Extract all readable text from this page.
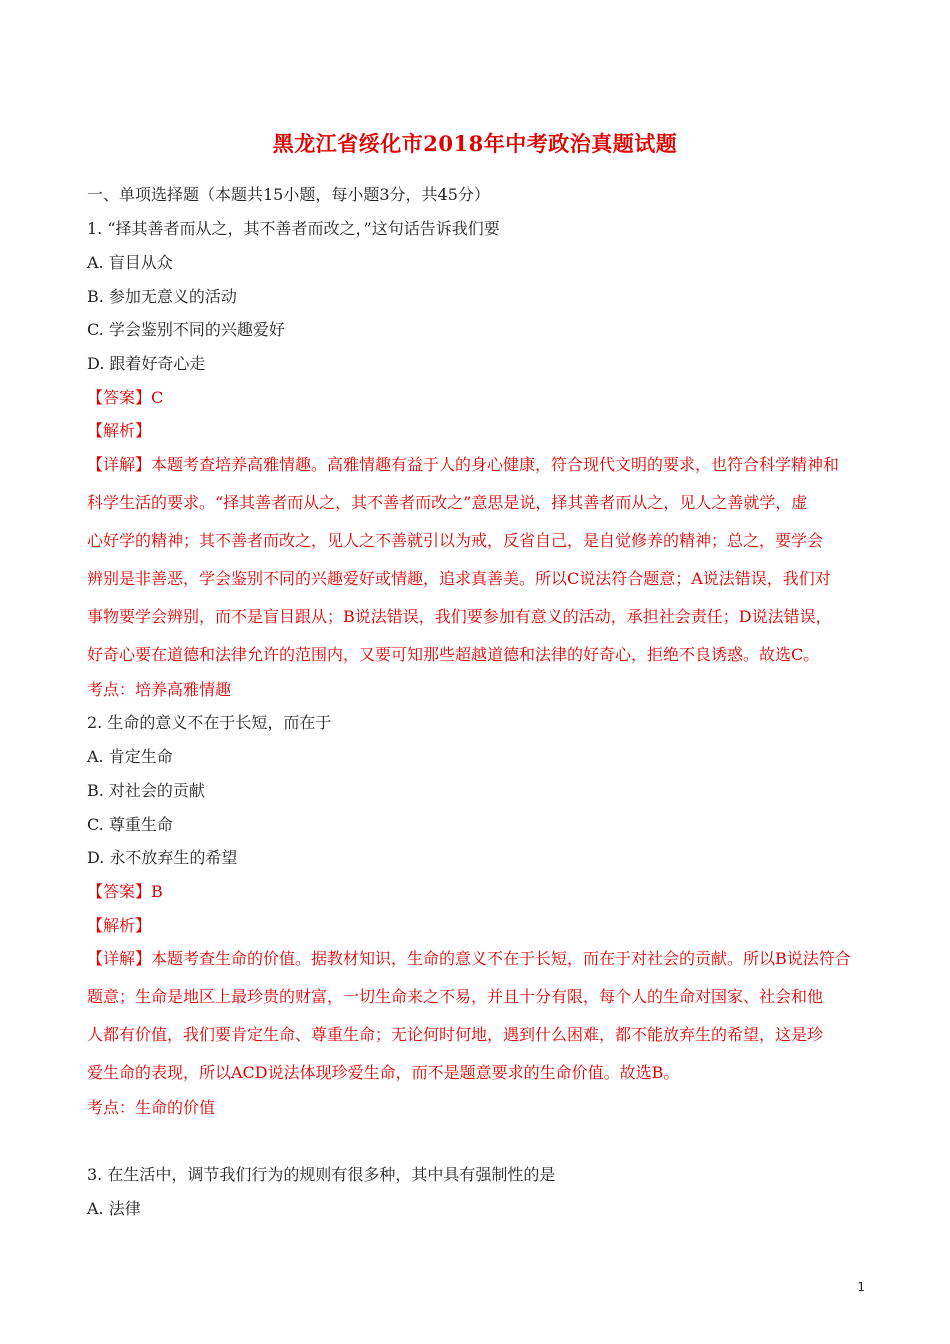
黑龙江省绥化市2018年中考政治真题试题
一、单项选择题（本题共15小题，每小题3分，共45分）
1. “择其善者而从之，其不善者而改之，”这句话告诉我们要
A. 盲目从众
B. 参加无意义的活动
C. 学会鉴别不同的兴趣爱好
D. 跟着好奇心走
【答案】C
【解析】
【详解】本题考查培养高雅情趣。高雅情趣有益于人的身心健康，符合现代文明的要求，也符合科学精神和
科学生活的要求。“择其善者而从之，其不善者而改之”意思是说，择其善者而从之，见人之善就学，虚
心好学的精神；其不善者而改之，见人之不善就引以为戒，反省自己，是自觉修养的精神；总之，要学会
辨别是非善恶，学会鉴别不同的兴趣爱好或情趣，追求真善美。所以C说法符合题意；A说法错误，我们对
事物要学会辨别，而不是盲目跟从；B说法错误，我们要参加有意义的活动，承担社会责任；D说法错误，
好奇心要在道德和法律允许的范围内，又要可知那些超越道德和法律的好奇心，拒绝不良诱惑。故选C。
考点：培养高雅情趣
2. 生命的意义不在于长短，而在于
A. 肯定生命
B. 对社会的贡献
C. 尊重生命
D. 永不放弃生的希望
【答案】B
【解析】
【详解】本题考查生命的价值。据教材知识，生命的意义不在于长短，而在于对社会的贡献。所以B说法符合
题意；生命是地区上最珍贵的财富，一切生命来之不易，并且十分有限，每个人的生命对国家、社会和他
人都有价值，我们要肯定生命、尊重生命；无论何时何地，遇到什么困难，都不能放弃生的希望，这是珍
爱生命的表现，所以ACD说法体现珍爱生命，而不是题意要求的生命价值。故选B。
考点：生命的价值
3. 在生活中，调节我们行为的规则有很多种，其中具有强制性的是
A. 法律
1
